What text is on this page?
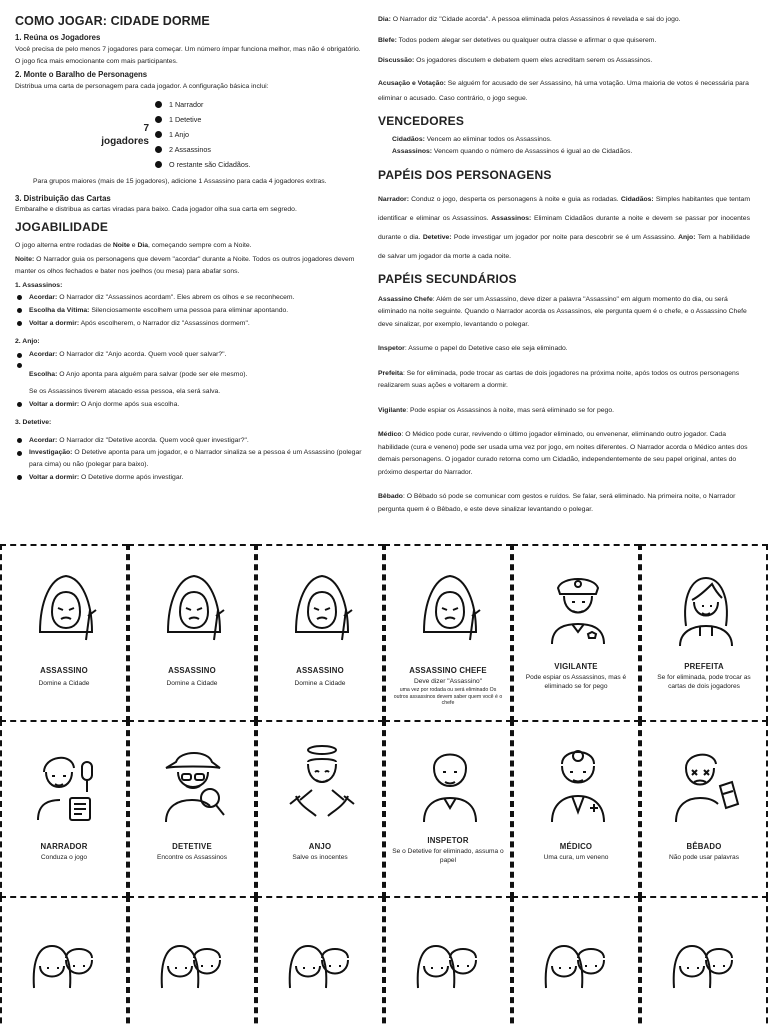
COMO JOGAR: CIDADE DORME
1. Reúna os Jogadores

Você precisa de pelo menos 7 jogadores para começar. Um número ímpar funciona melhor, mas não é obrigatório. O jogo fica mais emocionante com mais participantes.

2. Monte o Baralho de Personagens

Distribua uma carta de personagem para cada jogador. A configuração básica inclui:

7
jogadores
1 Narrador
1 Detetive
1 Anjo
2 Assassinos
O restante são Cidadãos.

Para grupos maiores (mais de 15 jogadores), adicione 1 Assassino para cada 4 jogadores extras.

3. Distribuição das Cartas

Embaralhe e distribua as cartas viradas para baixo. Cada jogador olha sua carta em segredo.

JOGABILIDADE

O jogo alterna entre rodadas de Noite e Dia, começando sempre com a Noite.

Noite: O Narrador guia os personagens que devem "acordar" durante a Noite. Todos os outros jogadores devem manter os olhos fechados e bater nos joelhos (ou mesa) para abafar sons.

1. Assassinos:
Acordar: O Narrador diz "Assassinos acordam". Eles abrem os olhos e se reconhecem.
Escolha da Vítima: Silenciosamente escolhem uma pessoa para eliminar apontando.
Voltar a dormir: Após escolherem, o Narrador diz "Assassinos dormem".
2. Anjo:
Acordar: O Narrador diz "Anjo acorda. Quem você quer salvar?".
Escolha: O Anjo aponta para alguém para salvar (pode ser ele mesmo).
Se os Assassinos tiverem atacado essa pessoa, ela será salva.
Voltar a dormir: O Anjo dorme após sua escolha.
3. Detetive:
Acordar: O Narrador diz "Detetive acorda. Quem você quer investigar?".
Investigação: O Detetive aponta para um jogador, e o Narrador sinaliza se a pessoa é um Assassino (polegar para cima) ou não (polegar para baixo).
Voltar a dormir: O Detetive dorme após investigar.

Dia: O Narrador diz "Cidade acorda". A pessoa eliminada pelos Assassinos é revelada e sai do jogo.

Blefe: Todos podem alegar ser detetives ou qualquer outra classe e afirmar o que quiserem.

Discussão: Os jogadores discutem e debatem quem eles acreditam serem os Assassinos.

Acusação e Votação: Se alguém for acusado de ser Assassino, há uma votação. Uma maioria de votos é necessária para eliminar o acusado. Caso contrário, o jogo segue.

VENCEDORES

Cidadãos: Vencem ao eliminar todos os Assassinos.

Assassinos: Vencem quando o número de Assassinos é igual ao de Cidadãos.

PAPÉIS DOS PERSONAGENS

Narrador: Conduz o jogo, desperta os personagens à noite e guia as rodadas. Cidadãos: Simples habitantes que tentam identificar e eliminar os Assassinos. Assassinos: Eliminam Cidadãos durante a noite e devem se passar por inocentes durante o dia. Detetive: Pode investigar um jogador por noite para descobrir se é um Assassino. Anjo: Tem a habilidade de salvar um jogador da morte a cada noite.

PAPÉIS SECUNDÁRIOS

Assassino Chefe: Além de ser um Assassino, deve dizer a palavra "Assassino" em algum momento do dia, ou será eliminado na noite seguinte. Quando o Narrador acorda os Assassinos, ele pergunta quem é o chefe, e o Assassino Chefe deve sinalizar, por exemplo, levantando o polegar.

Inspetor: Assume o papel do Detetive caso ele seja eliminado.

Prefeita: Se for eliminada, pode trocar as cartas de dois jogadores na próxima noite, após todos os outros personagens realizarem suas ações e voltarem a dormir.

Vigilante: Pode espiar os Assassinos à noite, mas será eliminado se for pego.

Médico: O Médico pode curar, revivendo o último jogador eliminado, ou envenenar, eliminando outro jogador. Cada habilidade (cura e veneno) pode ser usada uma vez por jogo, em noites diferentes. O Narrador acorda o Médico antes dos demais personagens. O jogador curado retorna como um Cidadão, independentemente de seu papel original, antes do próximo despertar do Narrador.

Bêbado: O Bêbado só pode se comunicar com gestos e ruídos. Se falar, será eliminado. Na primeira noite, o Narrador pergunta quem é o Bêbado, e este deve sinalizar levantando o polegar.

ASSASSINO
Domine a Cidade
ASSASSINO
Domine a Cidade
ASSASSINO
Domine a Cidade
ASSASSINO CHEFE
Deve dizer "Assassino"
uma vez por rodada ou será eliminado Os outros assassinos devem saber quem você é o chefe
VIGILANTE
Pode espiar os Assassinos, mas é eliminado se for pego
PREFEITA
Se for eliminada, pode trocar as cartas de dois jogadores
NARRADOR
Conduza o jogo
DETETIVE
Encontre os Assassinos
ANJO
Salve os inocentes
INSPETOR
Se o Detetive for eliminado, assuma o papel
MÉDICO
Uma cura, um veneno
BÊBADO
Não pode usar palavras
